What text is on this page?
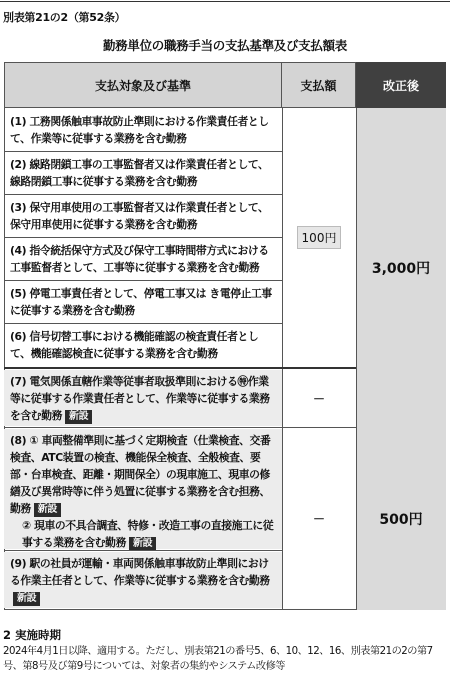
別表第21の2（第52条）
勤務単位の職務手当の支払基準及び支払額表
支払対象及び基準	支払額	改正後
(1) 工務関係触車事故防止準則における作業責任者として、作業等に従事する業務を含む勤務
(2) 線路閉鎖工事の工事監督者又は作業責任者として、線路閉鎖工事に従事する業務を含む勤務
(3) 保守用車使用の工事監督者又は作業責任者として、保守用車使用に従事する業務を含む勤務
(4) 指令統括保守方式及び保守工事時間帯方式における工事監督者として、工事等に従事する業務を含む勤務
(5) 停電工事責任者として、停電工事又は き電停止工事に従事する業務を含む勤務
(6) 信号切替工事における機能確認の検査責任者として、機能確認検査に従事する業務を含む勤務
100円
(7) 電気関係直轄作業等従事者取扱準則における㊕作業等に従事する作業責任者として、作業等に従事する業務を含む勤務 新設
－
(8) ① 車両整備準則に基づく定期検査（仕業検査、交番検査、ATC装置の検査、機能保全検査、全般検査、要部・台車検査、距離・期間保全）の現車施工、現車の修繕及び異常時等に伴う処置に従事する業務を含む担務、勤務 新設
② 現車の不具合調査、特修・改造工事の直接施工に従事する業務を含む勤務 新設
(9) 駅の社員が運輸・車両関係触車事故防止準則における作業主任者として、作業等に従事する業務を含む勤務新設
－
3,000円
500円
2 実施時期
2024年4月1日以降、適用する。ただし、別表第21の番号5、6、10、12、16、別表第21の2の第7号、第8号及び第9号については、対象者の集約やシステム改修等
